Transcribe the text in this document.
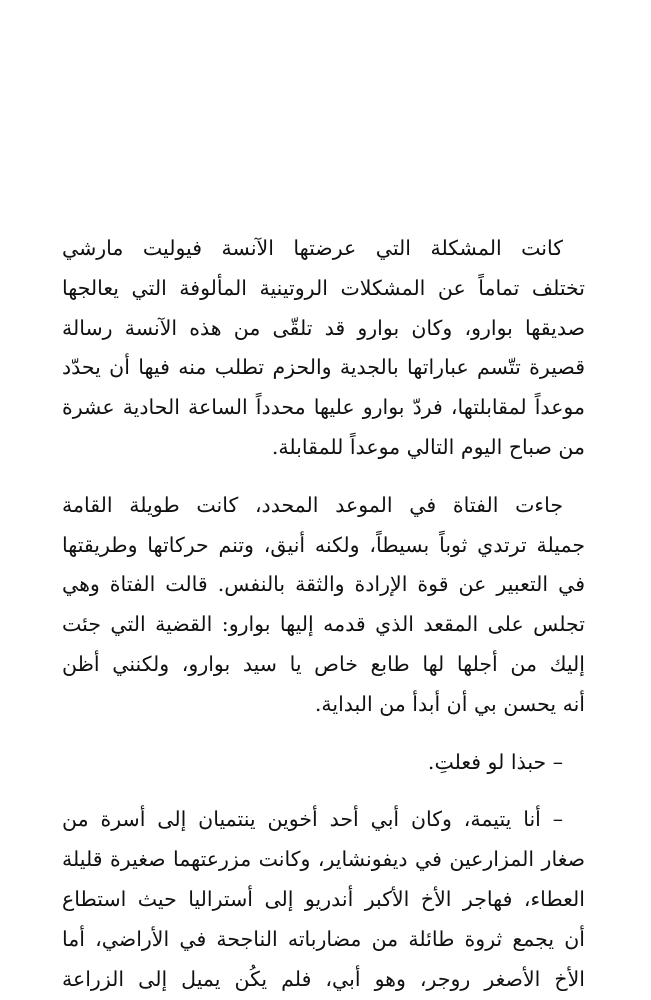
كانت المشكلة التي عرضتها الآنسة فيوليت مارشي
تختلف تماماً عن المشكلات الروتينية المألوفة التي يعالجها
صديقها بوارو، وكان بوارو قد تلقّى من هذه الآنسة رسالة
قصيرة تتّسم عباراتها بالجدية والحزم تطلب منه فيها أن يحدّد
موعداً لمقابلتها، فردّ بوارو عليها محدداً الساعة الحادية عشرة
من صباح اليوم التالي موعداً للمقابلة.

جاءت الفتاة في الموعد المحدد، كانت طويلة القامة
جميلة ترتدي ثوباً بسيطاً، ولكنه أنيق، وتنم حركاتها وطريقتها
في التعبير عن قوة الإرادة والثقة بالنفس. قالت الفتاة وهي
تجلس على المقعد الذي قدمه إليها بوارو: القضية التي جئت
إليك من أجلها لها طابع خاص يا سيد بوارو، ولكنني أظن
أنه يحسن بي أن أبدأ من البداية.

– حبذا لو فعلتِ.

– أنا يتيمة، وكان أبي أحد أخوين ينتميان إلى أسرة من
صغار المزارعين في ديفونشاير، وكانت مزرعتهما صغيرة قليلة
العطاء، فهاجر الأخ الأكبر أندريو إلى أستراليا حيث استطاع
أن يجمع ثروة طائلة من مضارباته الناجحة في الأراضي، أما
الأخ الأصغر روجر، وهو أبي، فلم يكُن يميل إلى الزراعة
